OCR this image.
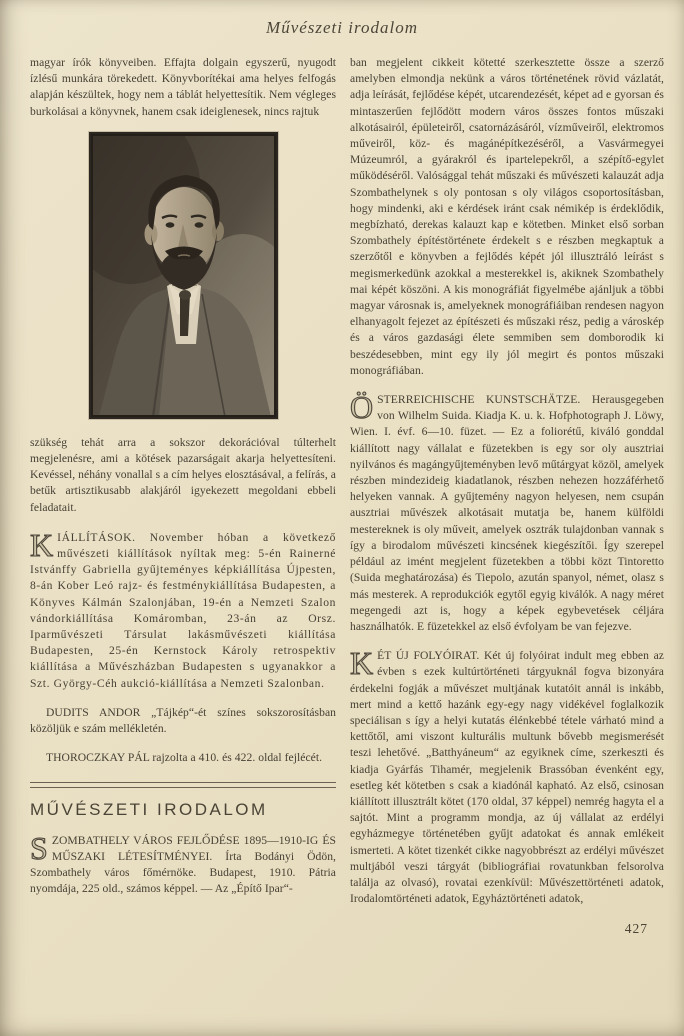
Művészeti irodalom

magyar írók könyveiben. Effajta dolgain egyszerű, nyugodt ízlésű munkára törekedett. Könyvborítékai ama helyes felfogás alapján készültek, hogy nem a táblát helyettesítik. Nem végleges burkolásai a könyvnek, hanem csak ideiglenesek, nincs rajtuk

szükség tehát arra a sokszor dekorációval túlterhelt megjelenésre, ami a kötések pazarságait akarja helyettesíteni. Kevéssel, néhány vonallal s a cím helyes elosztásával, a felírás, a betűk artisztikusabb alakjáról igyekezett megoldani ebbeli feladatait.

KIÁLLÍTÁSOK. November hóban a következő művészeti kiállítások nyíltak meg: 5-én Rainerné Istvánffy Gabriella gyűjteményes képkiállítása Újpesten, 8-án Kober Leó rajz- és festménykiállítása Budapesten, a Könyves Kálmán Szalonjában, 19-én a Nemzeti Szalon vándorkiállítása Komáromban, 23-án az Orsz. Iparművészeti Társulat lakásművészeti kiállítása Budapesten, 25-én Kernstock Károly retrospektiv kiállítása a Művészházban Budapesten s ugyanakkor a Szt. György-Céh aukció-kiállítása a Nemzeti Szalonban.

DUDITS ANDOR „Tájkép“-ét színes sokszorosításban közöljük e szám mellékletén.

THOROCZKAY PÁL rajzolta a 410. és 422. oldal fejlécét.

MŰVÉSZETI IRODALOM

SZOMBATHELY VÁROS FEJLŐDÉSE 1895—1910-IG ÉS MŰSZAKI LÉTESÍTMÉNYEI. Írta Bodányi Ödön, Szombathely város főmérnöke. Budapest, 1910. Pátria nyomdája, 225 old., számos képpel. — Az „Építő Ipar“-

ban megjelent cikkeit kötetté szerkesztette össze a szerző amelyben elmondja nekünk a város történetének rövid vázlatát, adja leírását, fejlődése képét, utcarendezését, képet ad e gyorsan és mintaszerűen fejlődött modern város összes fontos műszaki alkotásairól, épületeiről, csatornázásáról, vízműveiről, elektromos műveiről, köz- és magánépítkezéséről, a Vasvármegyei Múzeumról, a gyárakról és ipartelepekről, a szépítő-egylet működéséről. Valósággal tehát műszaki és művészeti kalauzát adja Szombathelynek s oly pontosan s oly világos csoportosításban, hogy mindenki, aki e kérdések iránt csak némikép is érdeklődik, megbízható, derekas kalauzt kap e kötetben. Minket első sorban Szombathely építéstörténete érdekelt s e részben megkaptuk a szerzőtől e könyvben a fejlődés képét jól illusztráló leírást s megismerkedünk azokkal a mesterekkel is, akiknek Szombathely mai képét köszöni. A kis monográfiát figyelmébe ajánljuk a többi magyar városnak is, amelyeknek monográfiáiban rendesen nagyon elhanyagolt fejezet az építészeti és műszaki rész, pedig a városkép és a város gazdasági élete semmiben sem domborodik ki beszédesebben, mint egy ily jól megirt és pontos műszaki monográfiában.

ÖSTERREICHISCHE KUNSTSCHÄTZE. Herausgegeben von Wilhelm Suida. Kiadja K. u. k. Hofphotograph J. Löwy, Wien. I. évf. 6—10. füzet. — Ez a foliorétű, kiváló gonddal kiállított nagy vállalat e füzetekben is egy sor oly ausztriai nyilvános és magángyűjteményben levő műtárgyat közöl, amelyek részben mindezideig kiadatlanok, részben nehezen hozzáférhető helyeken vannak. A gyűjtemény nagyon helyesen, nem csupán ausztriai művészek alkotásait mutatja be, hanem külföldi mestereknek is oly műveit, amelyek osztrák tulajdonban vannak s így a birodalom művészeti kincsének kiegészítői. Így szerepel például az imént megjelent füzetekben a többi közt Tintoretto (Suida meghatározása) és Tiepolo, azután spanyol, német, olasz s más mesterek. A reprodukciók egytől egyig kiválók. A nagy méret megengedi azt is, hogy a képek egybevetések céljára használhatók. E füzetekkel az első évfolyam be van fejezve.

KÉT ÚJ FOLYÓIRAT. Két új folyóirat indult meg ebben az évben s ezek kultúrtörténeti tárgyuknál fogva bizonyára érdekelni fogják a művészet multjának kutatóit annál is inkább, mert mind a kettő hazánk egy-egy nagy vidékével foglalkozik speciálisan s így a helyi kutatás élénkebbé tétele várható mind a kettőtől, ami viszont kulturális multunk bővebb megismerését teszi lehetővé. „Batthyáneum“ az egyiknek címe, szerkeszti és kiadja Gyárfás Tihamér, megjelenik Brassóban évenként egy, esetleg két kötetben s csak a kiadónál kapható. Az első, csinosan kiállított illusztrált kötet (170 oldal, 37 képpel) nemrég hagyta el a sajtót. Mint a programm mondja, az új vállalat az erdélyi egyházmegye történetében gyűjt adatokat és annak emlékeit ismerteti. A kötet tizenkét cikke nagyobbrészt az erdélyi művészet multjából veszi tárgyát (bibliográfiai rovatunkban felsorolva találja az olvasó), rovatai ezenkívül: Művészettörténeti adatok, Irodalomtörténeti adatok, Egyháztörténeti adatok,

427
